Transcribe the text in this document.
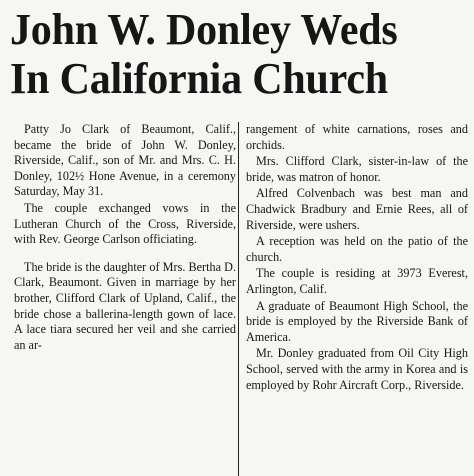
John W. Donley Weds
In California Church

Patty Jo Clark of Beaumont, Calif., became the bride of John W. Donley, Riverside, Calif., son of Mr. and Mrs. C. H. Donley, 102½ Hone Avenue, in a ceremony Saturday, May 31.

The couple exchanged vows in the Lutheran Church of the Cross, Riverside, with Rev. George Carlson officiating.

The bride is the daughter of Mrs. Bertha D. Clark, Beaumont. Given in marriage by her brother, Clifford Clark of Upland, Calif., the bride chose a ballerina-length gown of lace. A lace tiara secured her veil and she carried an ar-

rangement of white carnations, roses and orchids.

Mrs. Clifford Clark, sister-in-law of the bride, was matron of honor.

Alfred Colvenbach was best man and Chadwick Bradbury and Ernie Rees, all of Riverside, were ushers.

A reception was held on the patio of the church.

The couple is residing at 3973 Everest, Arlington, Calif.

A graduate of Beaumont High School, the bride is employed by the Riverside Bank of America.

Mr. Donley graduated from Oil City High School, served with the army in Korea and is employed by Rohr Aircraft Corp., Riverside.
